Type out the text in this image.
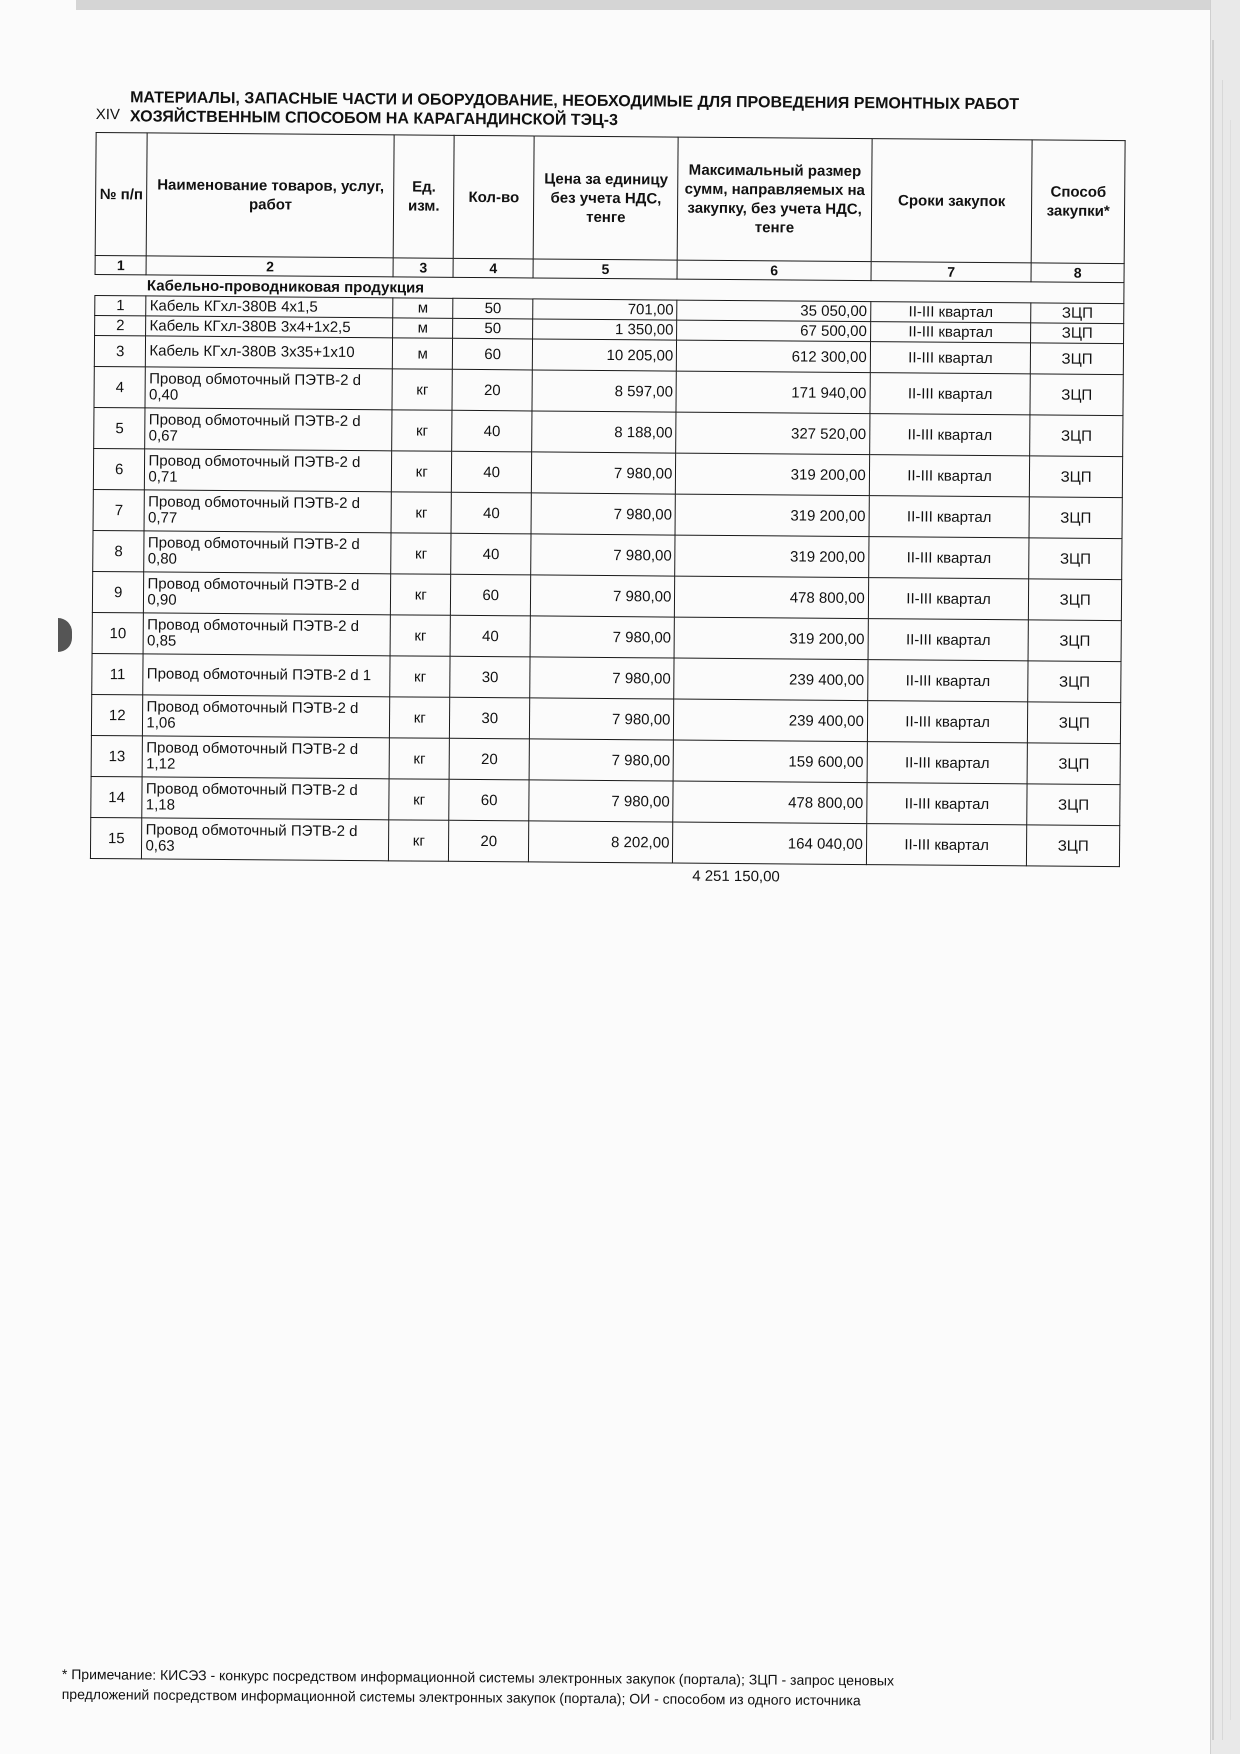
XIV
МАТЕРИАЛЫ, ЗАПАСНЫЕ ЧАСТИ И ОБОРУДОВАНИЕ, НЕОБХОДИМЫЕ ДЛЯ ПРОВЕДЕНИЯ РЕМОНТНЫХ РАБОТ
ХОЗЯЙСТВЕННЫМ СПОСОБОМ НА КАРАГАНДИНСКОЙ ТЭЦ-3
№ п/п	Наименование товаров, услуг, работ	Ед. изм.	Кол-во	Цена за единицу без учета НДС, тенге	Максимальный размер сумм, направляемых на закупку, без учета НДС, тенге	Сроки закупок	Способ закупки*
1	2	3	4	5	6	7	8
Кабельно-проводниковая продукция							
1	Кабель КГхл-380В 4х1,5	м	50	701,00	35 050,00	II-III квартал	ЗЦП
2	Кабель КГхл-380В 3х4+1х2,5	м	50	1 350,00	67 500,00	II-III квартал	ЗЦП
3	Кабель КГхл-380В 3х35+1х10	м	60	10 205,00	612 300,00	II-III квартал	ЗЦП
4	Провод обмоточный ПЭТВ-2 d 0,40	кг	20	8 597,00	171 940,00	II-III квартал	ЗЦП
5	Провод обмоточный ПЭТВ-2 d 0,67	кг	40	8 188,00	327 520,00	II-III квартал	ЗЦП
6	Провод обмоточный ПЭТВ-2 d 0,71	кг	40	7 980,00	319 200,00	II-III квартал	ЗЦП
7	Провод обмоточный ПЭТВ-2 d 0,77	кг	40	7 980,00	319 200,00	II-III квартал	ЗЦП
8	Провод обмоточный ПЭТВ-2 d 0,80	кг	40	7 980,00	319 200,00	II-III квартал	ЗЦП
9	Провод обмоточный ПЭТВ-2 d 0,90	кг	60	7 980,00	478 800,00	II-III квартал	ЗЦП
10	Провод обмоточный ПЭТВ-2 d 0,85	кг	40	7 980,00	319 200,00	II-III квартал	ЗЦП
11	Провод обмоточный ПЭТВ-2 d 1	кг	30	7 980,00	239 400,00	II-III квартал	ЗЦП
12	Провод обмоточный ПЭТВ-2 d 1,06	кг	30	7 980,00	239 400,00	II-III квартал	ЗЦП
13	Провод обмоточный ПЭТВ-2 d 1,12	кг	20	7 980,00	159 600,00	II-III квартал	ЗЦП
14	Провод обмоточный ПЭТВ-2 d 1,18	кг	60	7 980,00	478 800,00	II-III квартал	ЗЦП
15	Провод обмоточный ПЭТВ-2 d 0,63	кг	20	8 202,00	164 040,00	II-III квартал	ЗЦП
4 251 150,00
* Примечание: КИСЭЗ - конкурс посредством информационной системы электронных закупок (портала); ЗЦП - запрос ценовых
предложений посредством информационной системы электронных закупок (портала); ОИ - способом из одного источника
